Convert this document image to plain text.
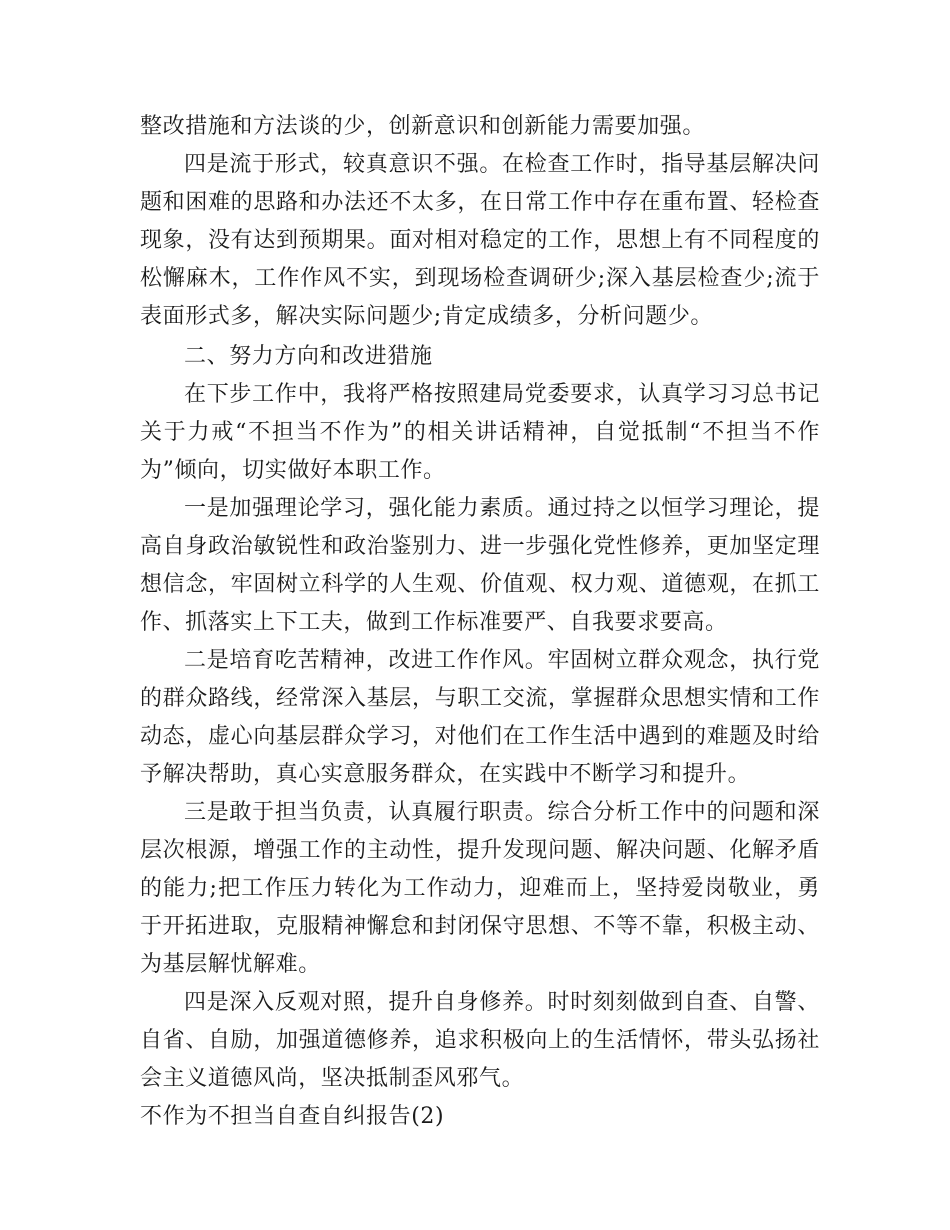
整改措施和方法谈的少，创新意识和创新能力需要加强。

四是流于形式，较真意识不强。在检查工作时，指导基层解决问题和困难的思路和办法还不太多，在日常工作中存在重布置、轻检查现象，没有达到预期果。面对相对稳定的工作，思想上有不同程度的松懈麻木，工作作风不实，到现场检查调研少;深入基层检查少;流于表面形式多，解决实际问题少;肯定成绩多，分析问题少。

二、努力方向和改进猎施

在下步工作中，我将严格按照建局党委要求，认真学习习总书记关于力戒“不担当不作为”的相关讲话精神，自觉抵制“不担当不作为”倾向，切实做好本职工作。

一是加强理论学习，强化能力素质。通过持之以恒学习理论，提高自身政治敏锐性和政治鉴别力、进一步强化党性修养，更加坚定理想信念，牢固树立科学的人生观、价值观、权力观、道德观，在抓工作、抓落实上下工夫，做到工作标准要严、自我要求要高。

二是培育吃苦精神，改进工作作风。牢固树立群众观念，执行党的群众路线，经常深入基层，与职工交流，掌握群众思想实情和工作动态，虚心向基层群众学习，对他们在工作生活中遇到的难题及时给予解决帮助，真心实意服务群众，在实践中不断学习和提升。

三是敢于担当负责，认真履行职责。综合分析工作中的问题和深层次根源，增强工作的主动性，提升发现问题、解决问题、化解矛盾的能力;把工作压力转化为工作动力，迎难而上，坚持爱岗敬业，勇于开拓进取，克服精神懈怠和封闭保守思想、不等不靠，积极主动、为基层解忧解难。

四是深入反观对照，提升自身修养。时时刻刻做到自查、自警、自省、自励，加强道德修养，追求积极向上的生活情怀，带头弘扬社会主义道德风尚，坚决抵制歪风邪气。

不作为不担当自查自纠报告(2)
